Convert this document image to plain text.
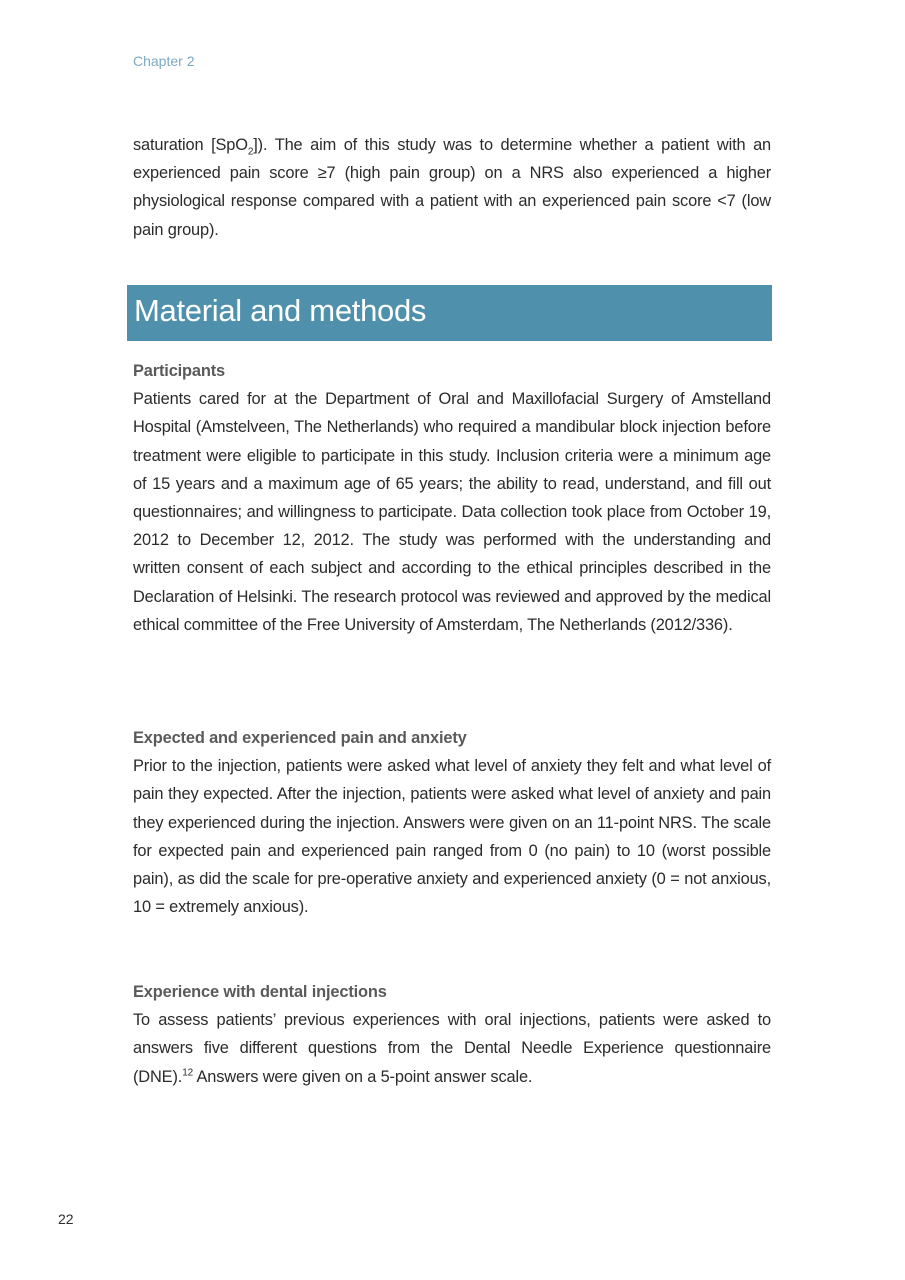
Chapter 2
saturation [SpO$_2$]). The aim of this study was to determine whether a patient with an experienced pain score ≥7 (high pain group) on a NRS also experienced a higher physiological response compared with a patient with an experienced pain score <7 (low pain group).
Material and methods
Participants
Patients cared for at the Department of Oral and Maxillofacial Surgery of Amstelland Hospital (Amstelveen, The Netherlands) who required a mandibular block injection before treatment were eligible to participate in this study. Inclusion criteria were a minimum age of 15 years and a maximum age of 65 years; the ability to read, understand, and fill out questionnaires; and willingness to participate. Data collection took place from October 19, 2012 to December 12, 2012. The study was performed with the understanding and written consent of each subject and according to the ethical principles described in the Declaration of Helsinki. The research protocol was reviewed and approved by the medical ethical committee of the Free University of Amsterdam, The Netherlands (2012/336).
Expected and experienced pain and anxiety
Prior to the injection, patients were asked what level of anxiety they felt and what level of pain they expected. After the injection, patients were asked what level of anxiety and pain they experienced during the injection. Answers were given on an 11-point NRS. The scale for expected pain and experienced pain ranged from 0 (no pain) to 10 (worst possible pain), as did the scale for pre-operative anxiety and experienced anxiety (0 = not anxious, 10 = extremely anxious).
Experience with dental injections
To assess patients’ previous experiences with oral injections, patients were asked to answers five different questions from the Dental Needle Experience questionnaire (DNE).$^{12}$ Answers were given on a 5-point answer scale.
22
